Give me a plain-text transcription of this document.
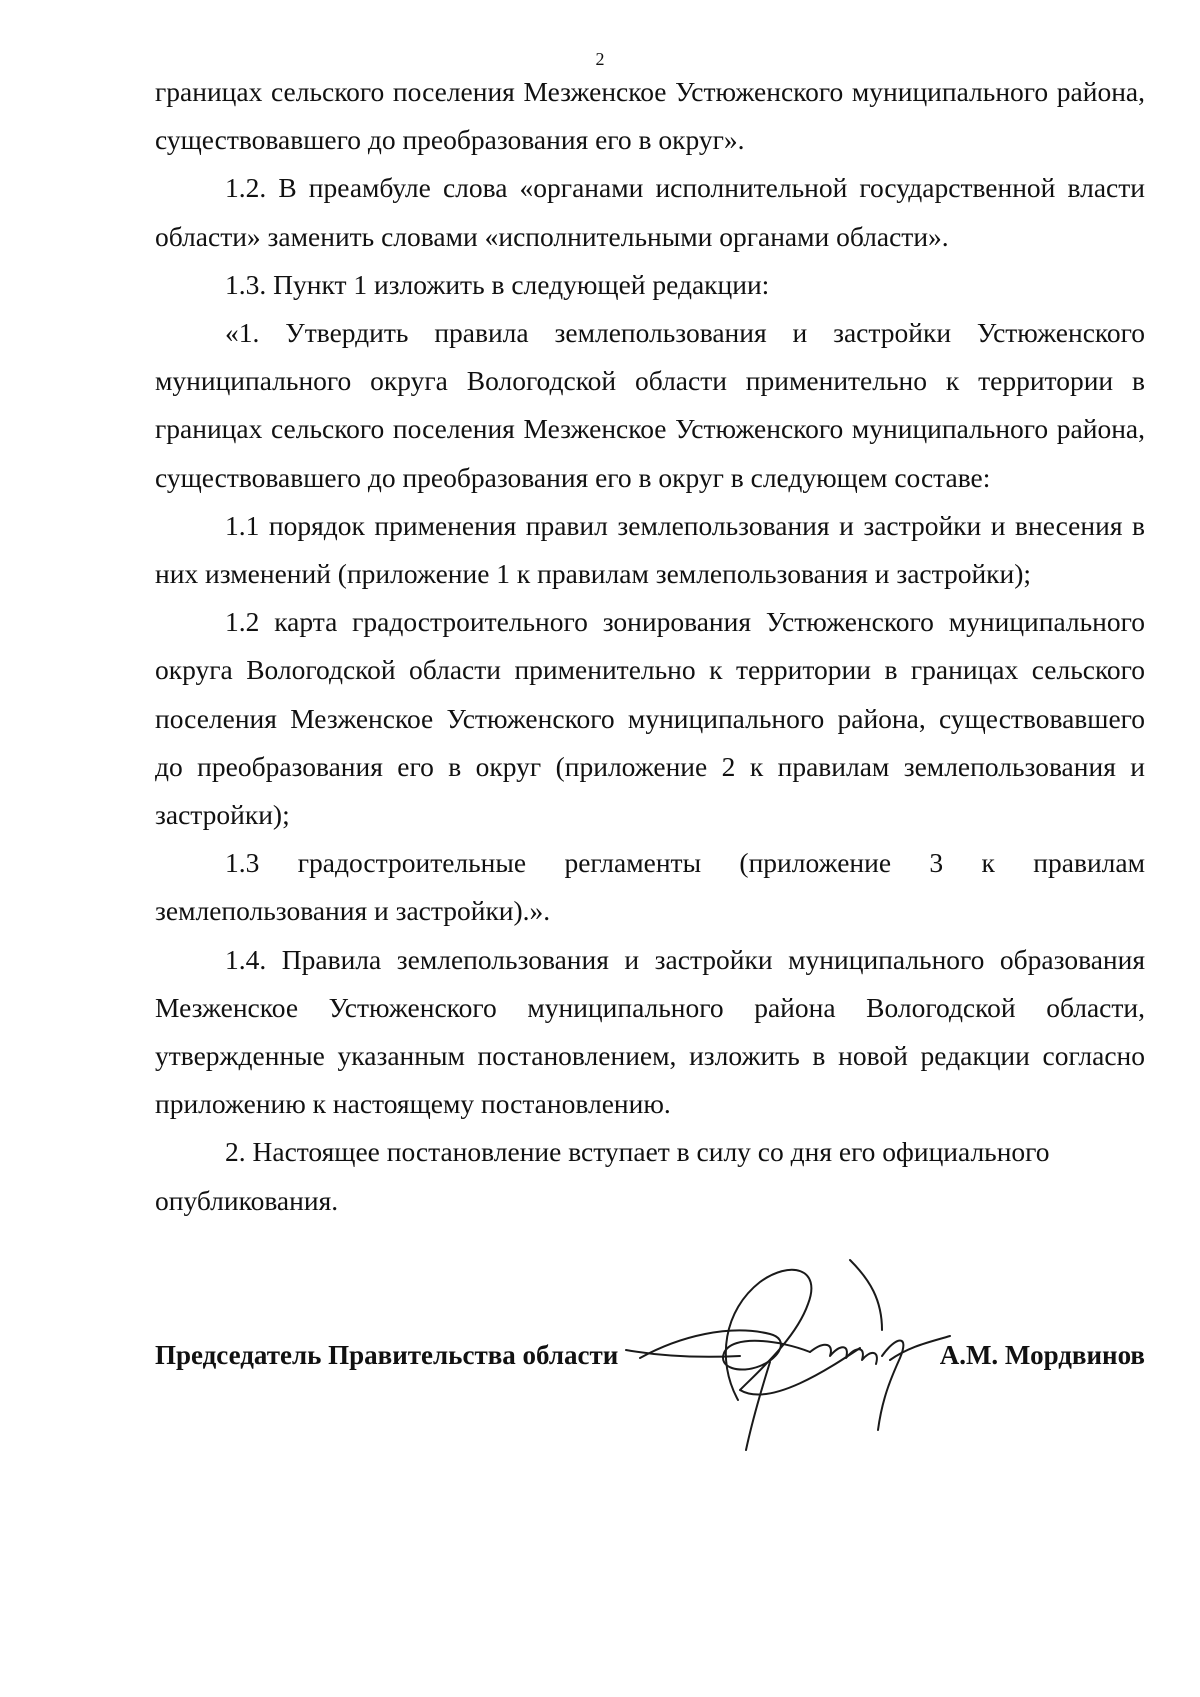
2

границах сельского поселения Мезженское Устюженского муниципального района, существовавшего до преобразования его в округ».

1.2. В преамбуле слова «органами исполнительной государственной власти области» заменить словами «исполнительными органами области».

1.3. Пункт 1 изложить в следующей редакции:

«1. Утвердить правила землепользования и застройки Устюженского муниципального округа Вологодской области применительно к территории в границах сельского поселения Мезженское Устюженского муниципального района, существовавшего до преобразования его в округ в следующем составе:

1.1 порядок применения правил землепользования и застройки и внесения в них изменений (приложение 1 к правилам землепользования и застройки);

1.2 карта градостроительного зонирования Устюженского муниципального округа Вологодской области применительно к территории в границах сельского поселения Мезженское Устюженского муниципального района, существовавшего до преобразования его в округ (приложение 2 к правилам землепользования и застройки);

1.3 градостроительные регламенты (приложение 3 к правилам землепользования и застройки).».

1.4. Правила землепользования и застройки муниципального образования Мезженское Устюженского муниципального района Вологодской области, утвержденные указанным постановлением, изложить в новой редакции согласно приложению к настоящему постановлению.

2. Настоящее постановление вступает в силу со дня его официального опубликования.

Председатель Правительства области	А.М. Мордвинов
